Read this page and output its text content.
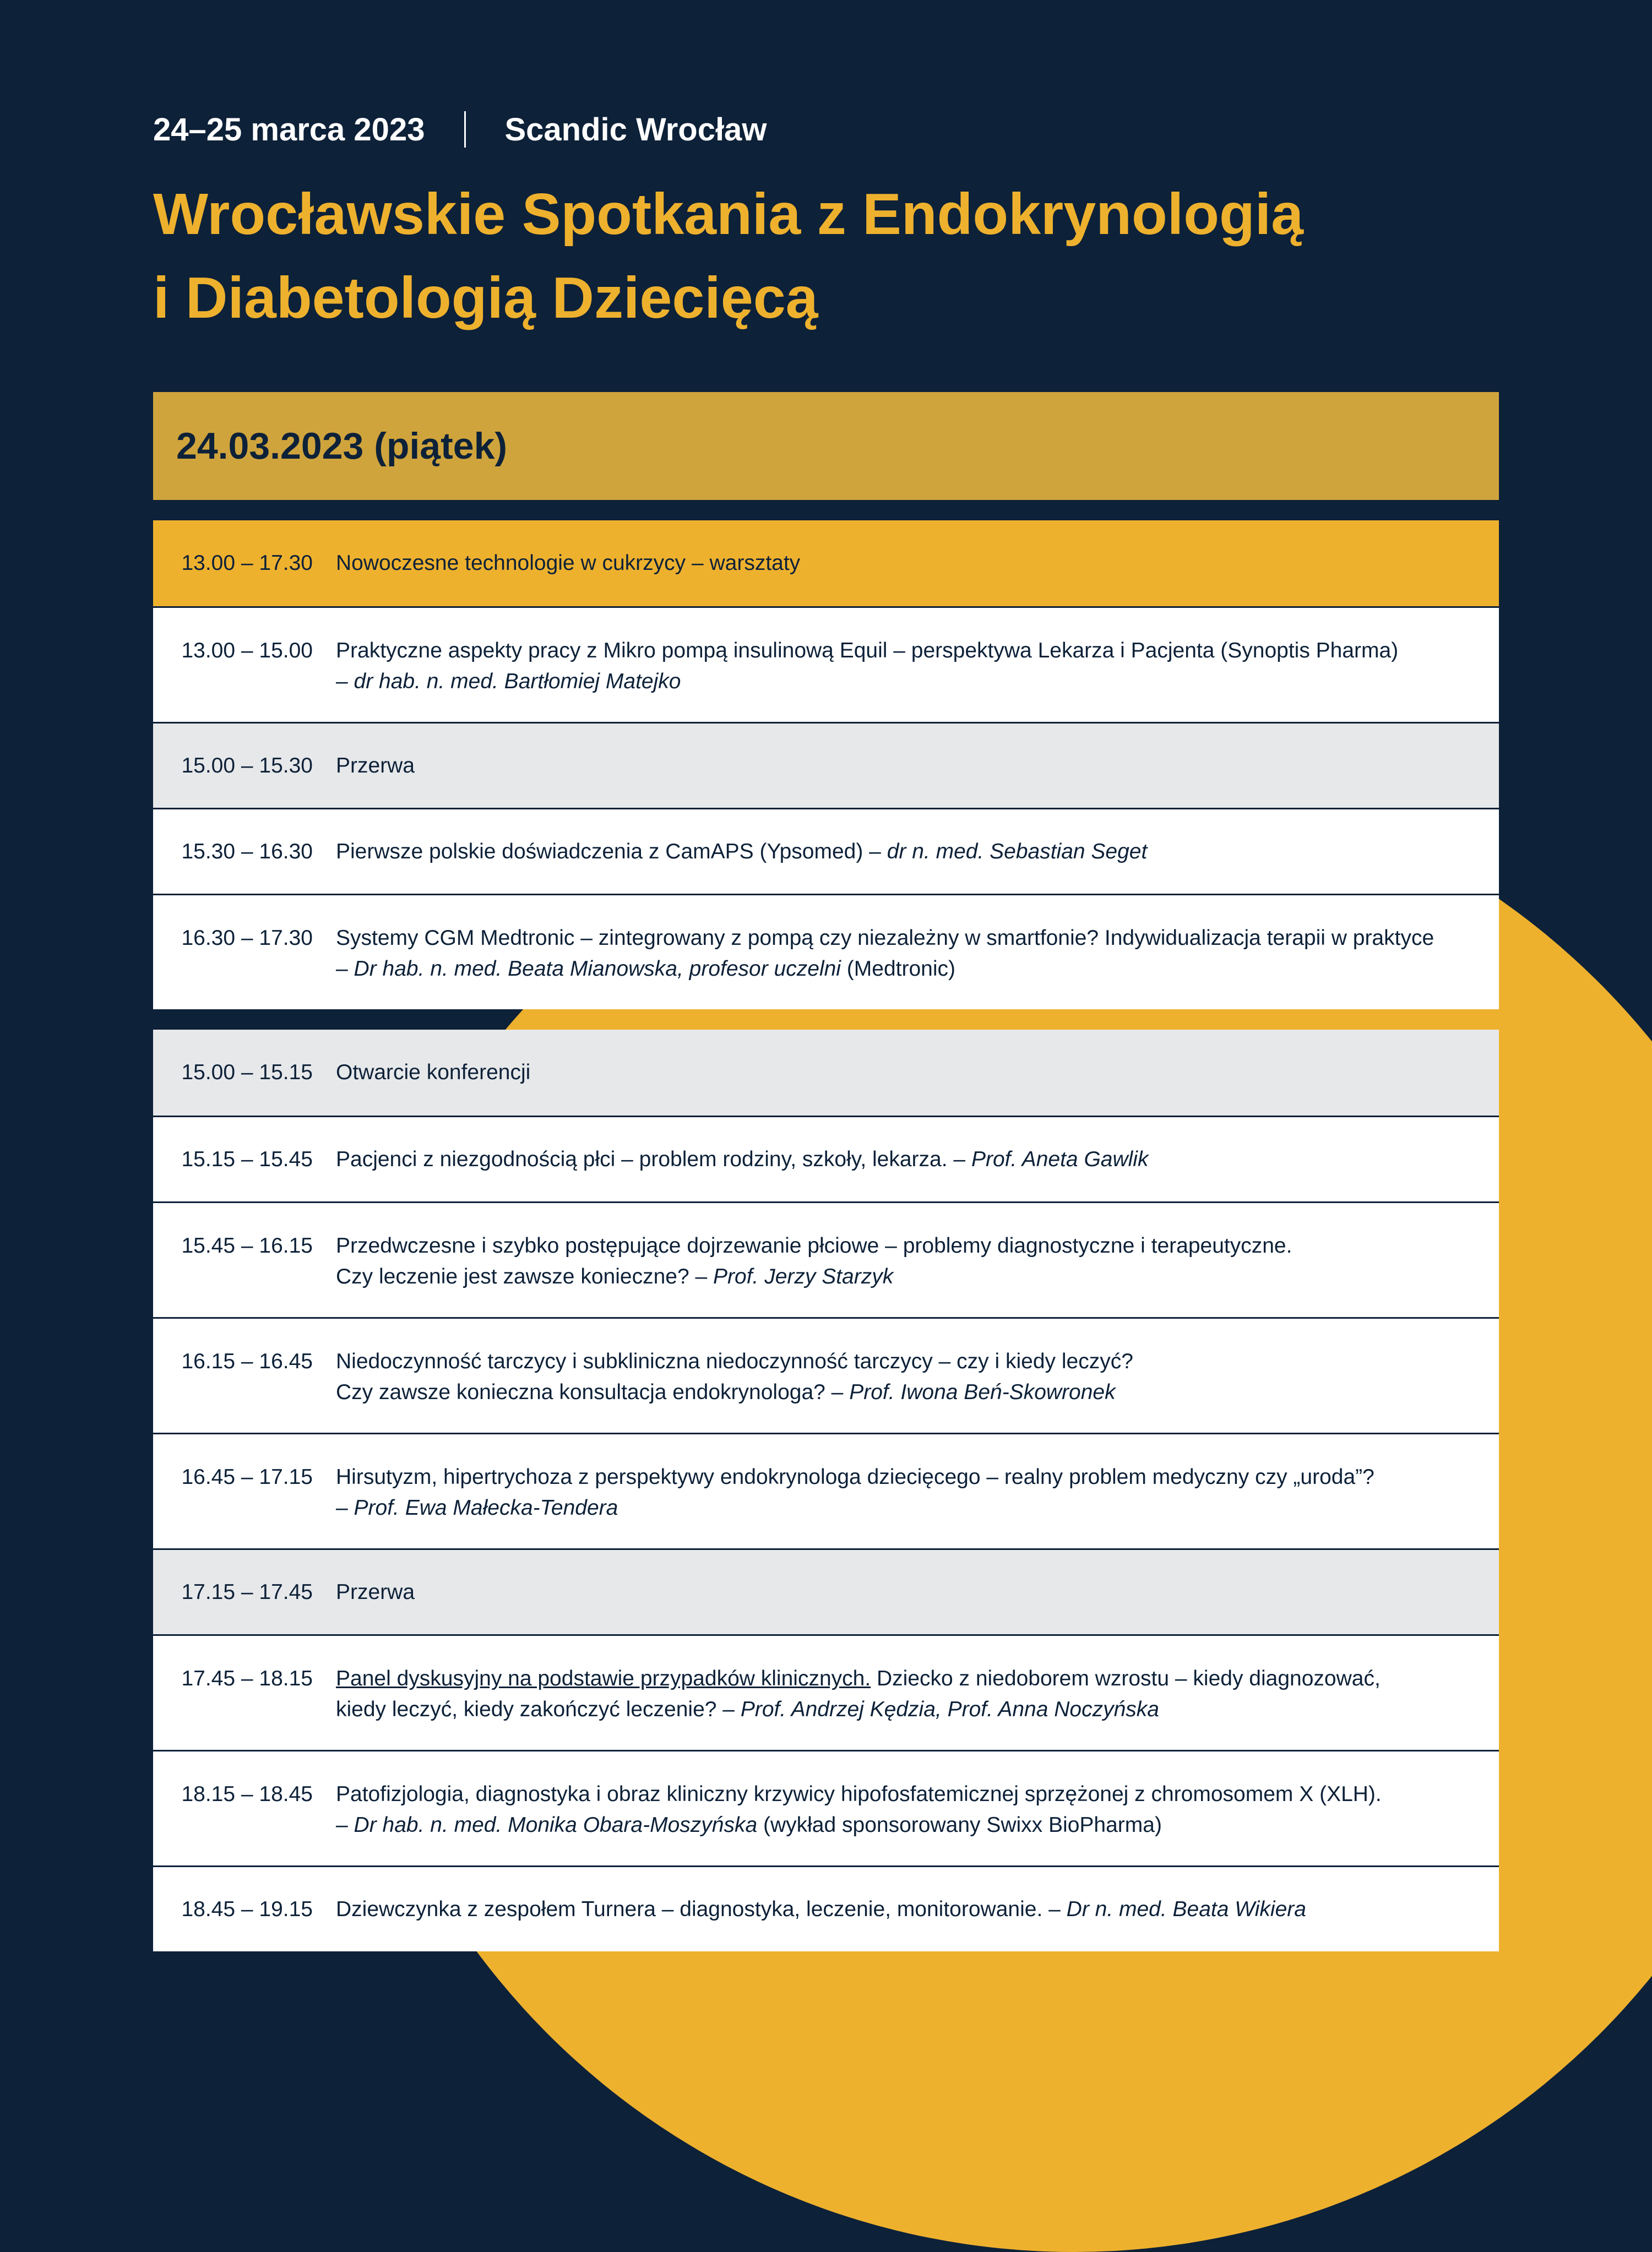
24–25 marca 2023	Scandic Wrocław
Wrocławskie Spotkania z Endokrynologią
i Diabetologią Dziecięcą
24.03.2023 (piątek)
13.00 – 17.30 Nowoczesne technologie w cukrzycy – warsztaty
13.00 – 15.00 Praktyczne aspekty pracy z Mikro pompą insulinową Equil – perspektywa Lekarza i Pacjenta (Synoptis Pharma)
– dr hab. n. med. Bartłomiej Matejko
15.00 – 15.30 Przerwa
15.30 – 16.30 Pierwsze polskie doświadczenia z CamAPS (Ypsomed) – dr n. med. Sebastian Seget
16.30 – 17.30 Systemy CGM Medtronic – zintegrowany z pompą czy niezależny w smartfonie? Indywidualizacja terapii w praktyce
– Dr hab. n. med. Beata Mianowska, profesor uczelni (Medtronic)
15.00 – 15.15 Otwarcie konferencji
15.15 – 15.45 Pacjenci z niezgodnością płci – problem rodziny, szkoły, lekarza. – Prof. Aneta Gawlik
15.45 – 16.15 Przedwczesne i szybko postępujące dojrzewanie płciowe – problemy diagnostyczne i terapeutyczne.
Czy leczenie jest zawsze konieczne? – Prof. Jerzy Starzyk
16.15 – 16.45 Niedoczynność tarczycy i subkliniczna niedoczynność tarczycy – czy i kiedy leczyć?
Czy zawsze konieczna konsultacja endokrynologa? – Prof. Iwona Beń-Skowronek
16.45 – 17.15 Hirsutyzm, hipertrychoza z perspektywy endokrynologa dziecięcego – realny problem medyczny czy „uroda”?
– Prof. Ewa Małecka-Tendera
17.15 – 17.45 Przerwa
17.45 – 18.15 Panel dyskusyjny na podstawie przypadków klinicznych. Dziecko z niedoborem wzrostu – kiedy diagnozować,
kiedy leczyć, kiedy zakończyć leczenie? – Prof. Andrzej Kędzia, Prof. Anna Noczyńska
18.15 – 18.45 Patofizjologia, diagnostyka i obraz kliniczny krzywicy hipofosfatemicznej sprzężonej z chromosomem X (XLH).
– Dr hab. n. med. Monika Obara-Moszyńska (wykład sponsorowany Swixx BioPharma)
18.45 – 19.15 Dziewczynka z zespołem Turnera – diagnostyka, leczenie, monitorowanie. – Dr n. med. Beata Wikiera
